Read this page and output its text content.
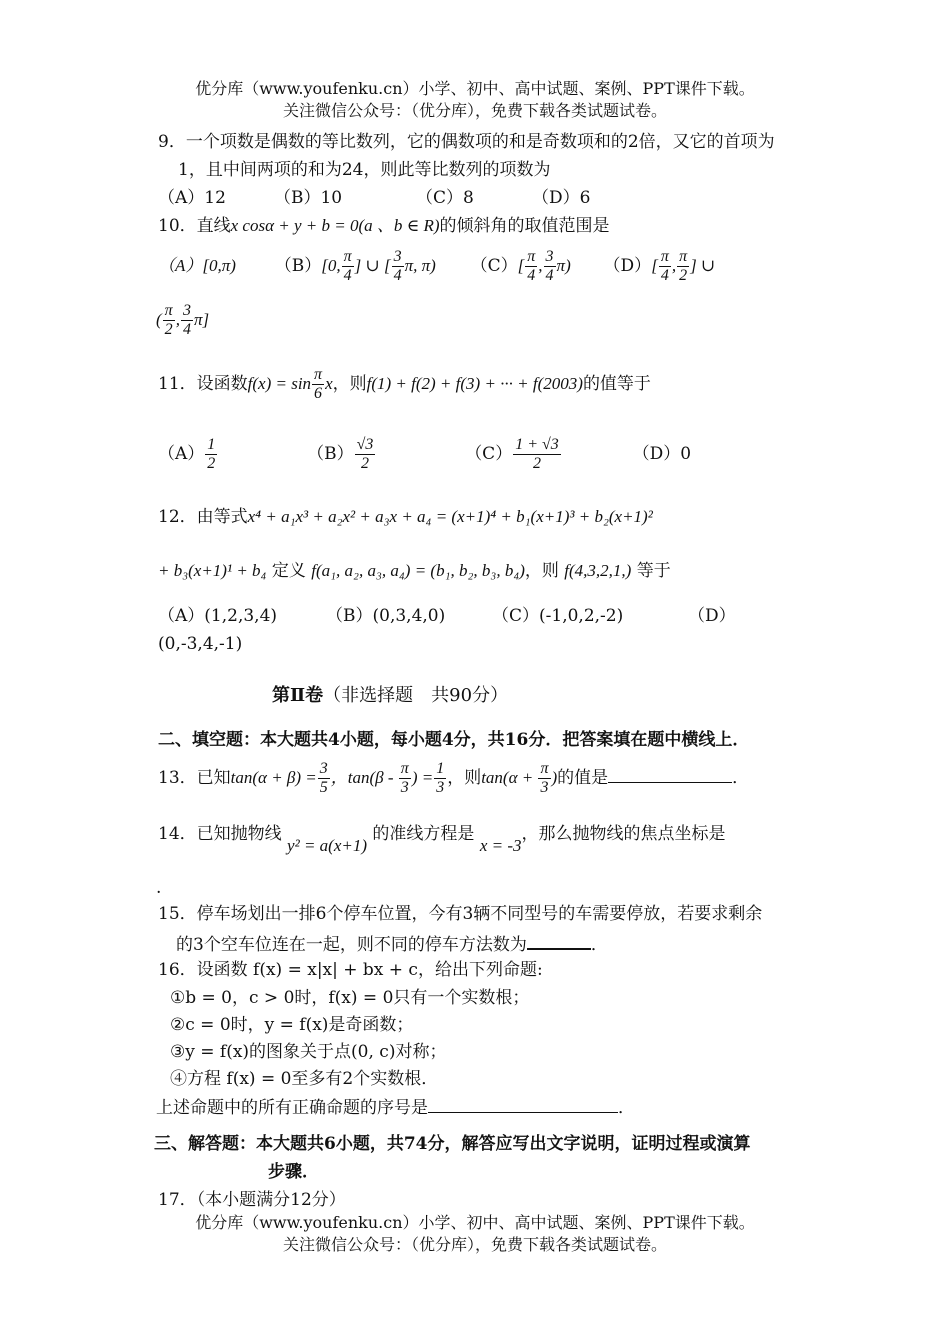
优分库（www.youfenku.cn）小学、初中、高中试题、案例、PPT课件下载。
关注微信公众号：（优分库），免费下载各类试题试卷。
9．一个项数是偶数的等比数列，它的偶数项的和是奇数项和的2倍，又它的首项为
1，且中间两项的和为24，则此等比数列的项数为
（A）12	（B）10	（C）8	（D）6
10．直线x cosα + y + b = 0(a 、b ∈ R)的倾斜角的取值范围是
（A）[0,π) （B）[0, $\frac{\pi}{4}$ ] ∪ [ $\frac{3}{4} \pi$, π) $(C)[ \frac{\pi}{4}$ , $\frac{3}{4} \pi$) $(D)[ \frac{\pi}{4}$ , $\frac{\pi}{2}$ ] ∪
( $\frac{\pi}{2}$ , $\frac{3}{4} \pi$]
11．设函数$f(x) = \sin \frac{\pi}{6}$ x，则f(1) + f(2) + f(3) + ··· + f(2003)的值等于
$(A) \frac{1}{2}$	$(B) \frac{√3}{2}$	$(C) \frac{1 + √3}{2}$	（D）0
12．由等式x⁴ + a₁x³ + a₂x² + a₃x + a₄ = (x+1)⁴ + b₁(x+1)³ + b₂(x+1)²
+ b₃(x+1)¹ + b₄ 定义 f(a₁, a₂, a₃, a₄) = (b₁, b₂, b₃, b₄)，则 f(4,3,2,1,) 等于
（A）(1,2,3,4)	（B）(0,3,4,0)	（C）(-1,0,2,-2)	（D）
(0,-3,4,-1)
第Ⅱ卷（非选择题　共90分）
二、填空题：本大题共4小题，每小题4分，共16分．把答案填在题中横线上．
13．已知$\tan(\alpha + \beta) = \frac{3}{5}$ ，$\tan(\beta - \frac{\pi}{3}$ ) = $\frac{1}{3}$ ，则$\tan(\alpha + \frac{\pi}{3}$ )的值是	．
14．已知抛物线 y² = a(x+1) 的准线方程是 x = -3，那么抛物线的焦点坐标是
.
15．停车场划出一排6个停车位置，今有3辆不同型号的车需要停放，若要求剩余
的3个空车位连在一起，则不同的停车方法数为	．
16．设函数 f(x) = x|x| + bx + c，给出下列命题:
①b = 0，c > 0时，f(x) = 0只有一个实数根；
②c = 0时，y = f(x)是奇函数；
③y = f(x)的图象关于点(0, c)对称；
④方程 f(x) = 0至多有2个实数根．
上述命题中的所有正确命题的序号是	．
三、解答题：本大题共6小题，共74分，解答应写出文字说明，证明过程或演算
步骤．
17．（本小题满分12分）
优分库（www.youfenku.cn）小学、初中、高中试题、案例、PPT课件下载。
关注微信公众号：（优分库），免费下载各类试题试卷。
